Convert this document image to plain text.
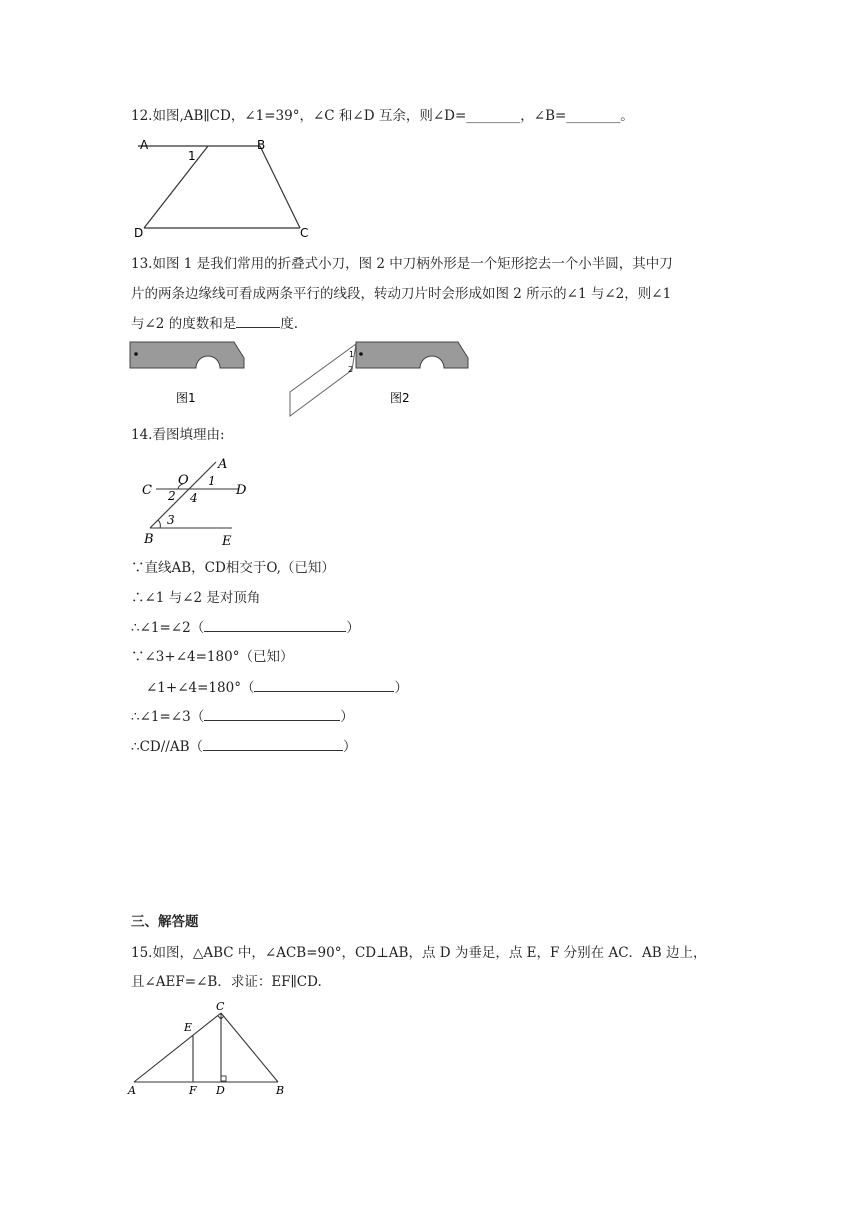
12.如图,AB∥CD，∠1=39°，∠C 和∠D 互余，则∠D=________，∠B=________。
A	B
D	C
1
13.如图 1 是我们常用的折叠式小刀，图 2 中刀柄外形是一个矩形挖去一个小半圆，其中刀
片的两条边缘线可看成两条平行的线段，转动刀片时会形成如图 2 所示的∠1 与∠2，则∠1
与∠2 的度数和是	度.
图1
1
2
图2
14.看图填理由:
A
C
O
D
B	E
1
2
3
4
∵直线AB，CD相交于O,（已知）
∴∠1 与∠2 是对顶角
∴∠1=∠2（	）
∵∠3+∠4=180°（已知）
∠1+∠4=180°（	）
∴∠1=∠3（	）
∴CD//AB（	）
三、解答题
15.如图，△ABC 中，∠ACB=90°，CD⊥AB，点 D 为垂足，点 E，F 分别在 AC．AB 边上，
且∠AEF=∠B．求证：EF∥CD.
A	B
C
D
E
F
